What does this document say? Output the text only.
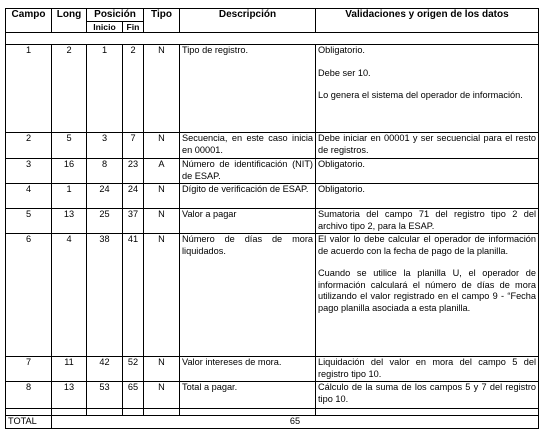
Campo	Long	Posición		Tipo	Descripción	Validaciones y origen de los datos
		Inicio	Fin			

1	2	1	2	N	Tipo de registro.	Obligatorio.

Debe ser 10.

Lo genera el sistema del operador de información.

2	5	3	7	N	Secuencia, en este caso inicia en 00001.	Debe iniciar en 00001 y ser secuencial para el resto de registros.

3	16	8	23	A	Número de identificación (NIT) de ESAP.	Obligatorio.

4	1	24	24	N	Dígito de verificación de ESAP.	Obligatorio.

5	13	25	37	N	Valor a pagar	Sumatoria del campo 71 del registro tipo 2 del archivo tipo 2, para la ESAP.

6	4	38	41	N	Número de días de mora liquidados.	El valor lo debe calcular el operador de información de acuerdo con la fecha de pago de la planilla.

Cuando se utilice la planilla U, el operador de información calculará el número de días de mora utilizando el valor registrado en el campo 9 - “Fecha pago planilla asociada a esta planilla.

7	11	42	52	N	Valor intereses de mora.	Liquidación del valor en mora del campo 5 del registro tipo 10.

8	13	53	65	N	Total a pagar.	Cálculo de la suma de los campos 5 y 7 del registro tipo 10.

TOTAL	65					
